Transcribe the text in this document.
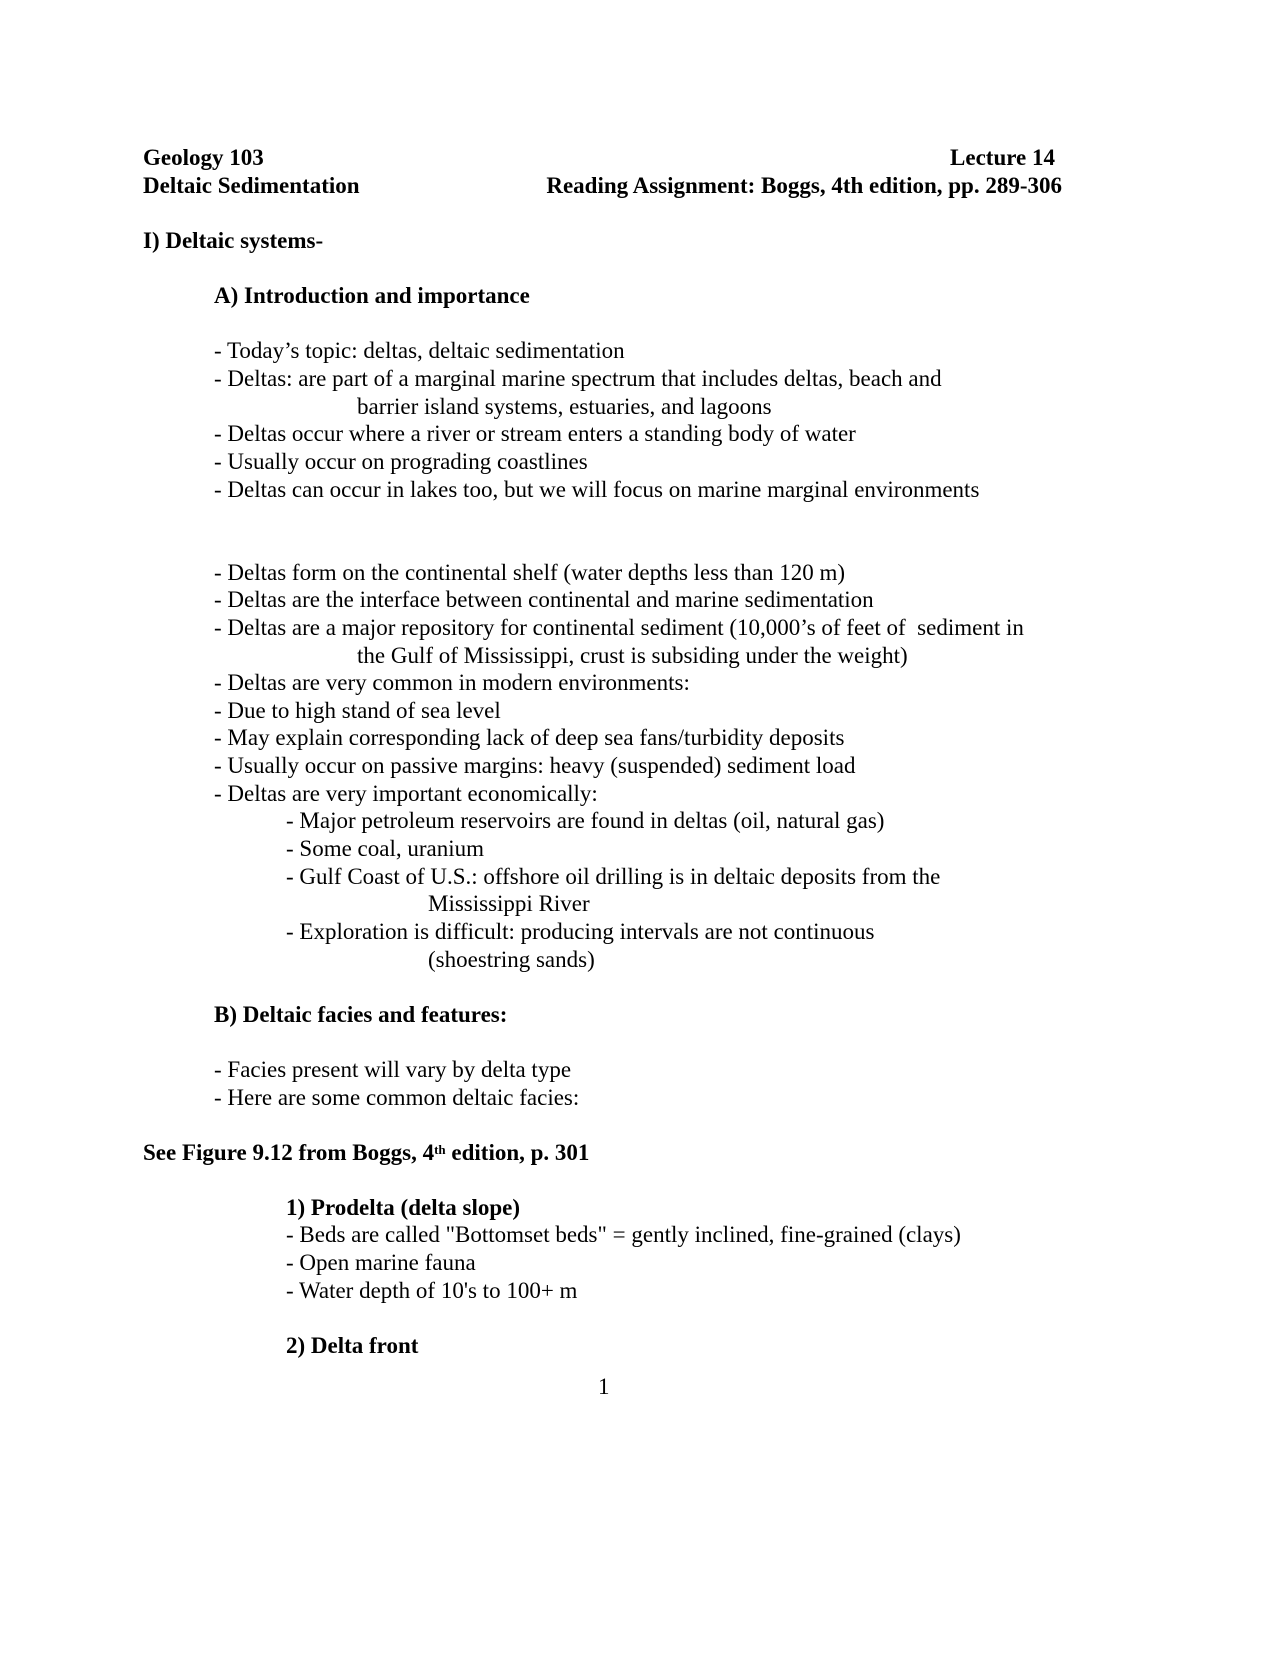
Geology 103	Lecture 14
Deltaic Sedimentation	Reading Assignment: Boggs, 4th edition, pp. 289-306
I) Deltaic systems-
A) Introduction and importance
- Today’s topic: deltas, deltaic sedimentation
- Deltas: are part of a marginal marine spectrum that includes deltas, beach and
barrier island systems, estuaries, and lagoons
- Deltas occur where a river or stream enters a standing body of water
- Usually occur on prograding coastlines
- Deltas can occur in lakes too, but we will focus on marine marginal environments
- Deltas form on the continental shelf (water depths less than 120 m)
- Deltas are the interface between continental and marine sedimentation
- Deltas are a major repository for continental sediment (10,000’s of feet of  sediment in
the Gulf of Mississippi, crust is subsiding under the weight)
- Deltas are very common in modern environments:
- Due to high stand of sea level
- May explain corresponding lack of deep sea fans/turbidity deposits
- Usually occur on passive margins: heavy (suspended) sediment load
- Deltas are very important economically:
- Major petroleum reservoirs are found in deltas (oil, natural gas)
- Some coal, uranium
- Gulf Coast of U.S.: offshore oil drilling is in deltaic deposits from the
Mississippi River
- Exploration is difficult: producing intervals are not continuous
(shoestring sands)
B) Deltaic facies and features:
- Facies present will vary by delta type
- Here are some common deltaic facies:
See Figure 9.12 from Boggs, 4th edition, p. 301
1) Prodelta (delta slope)
- Beds are called "Bottomset beds" = gently inclined, fine-grained (clays)
- Open marine fauna
- Water depth of 10's to 100+ m
2) Delta front
1
